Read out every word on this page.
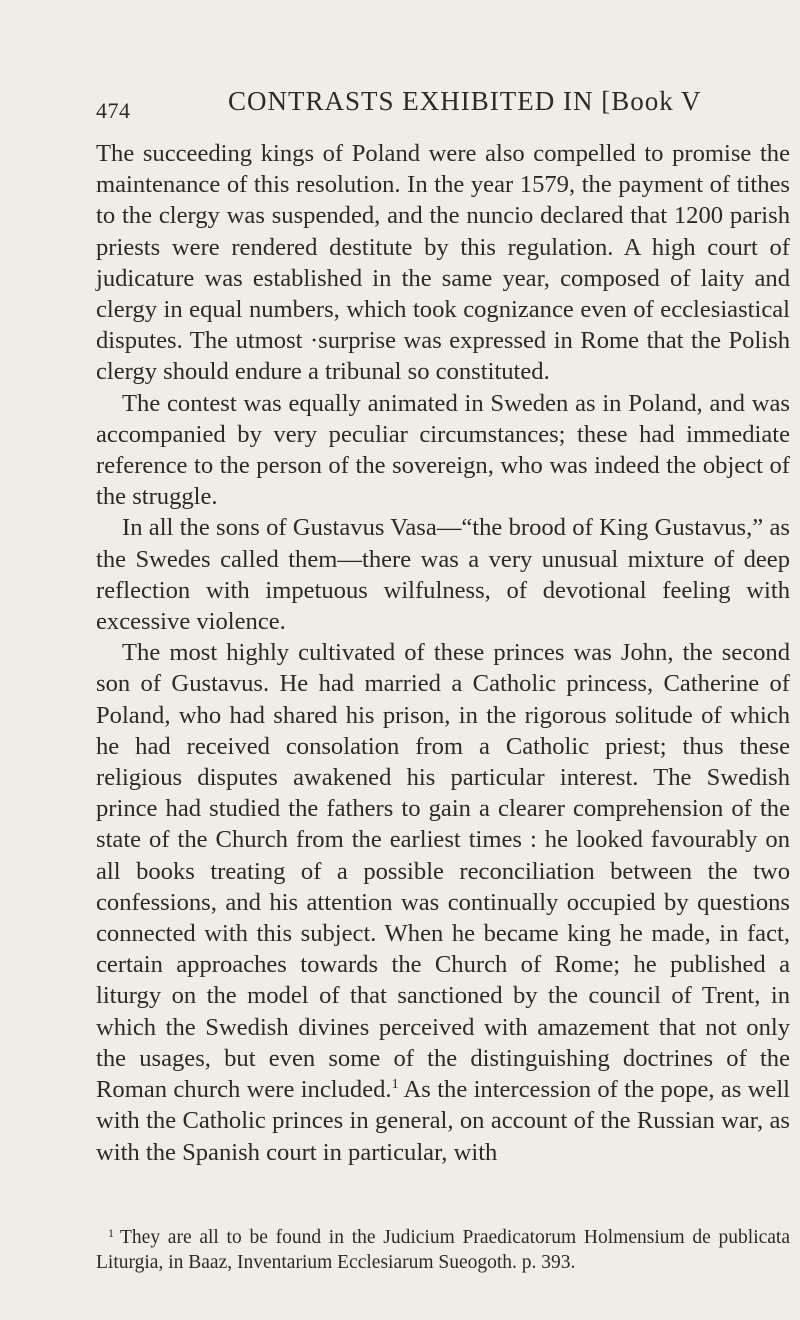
474	CONTRASTS EXHIBITED IN [Book V

The succeeding kings of Poland were also compelled to promise the maintenance of this resolution. In the year 1579, the payment of tithes to the clergy was suspended, and the nuncio declared that 1200 parish priests were rendered destitute by this regulation. A high court of judicature was established in the same year, composed of laity and clergy in equal numbers, which took cognizance even of ecclesiastical disputes. The utmost ·surprise was expressed in Rome that the Polish clergy should endure a tribunal so constituted.

The contest was equally animated in Sweden as in Poland, and was accompanied by very peculiar circumstances; these had immediate reference to the person of the sovereign, who was indeed the object of the struggle.

In all the sons of Gustavus Vasa—“the brood of King Gustavus,” as the Swedes called them—there was a very unusual mixture of deep reflection with impetuous wilfulness, of devotional feeling with excessive violence.

The most highly cultivated of these princes was John, the second son of Gustavus. He had married a Catholic princess, Catherine of Poland, who had shared his prison, in the rigorous solitude of which he had received consolation from a Catholic priest; thus these religious disputes awakened his particular interest. The Swedish prince had studied the fathers to gain a clearer comprehension of the state of the Church from the earliest times : he looked favourably on all books treating of a possible reconciliation between the two confessions, and his attention was continually occupied by questions connected with this subject. When he became king he made, in fact, certain approaches towards the Church of Rome; he published a liturgy on the model of that sanctioned by the council of Trent, in which the Swedish divines perceived with amazement that not only the usages, but even some of the distinguishing doctrines of the Roman church were included.$^1$ As the intercession of the pope, as well with the Catholic princes in general, on account of the Russian war, as with the Spanish court in particular, with

$^1$ They are all to be found in the Judicium Praedicatorum Holmensium de publicata Liturgia, in Baaz, Inventarium Ecclesiarum Sueogoth. p. 393.
